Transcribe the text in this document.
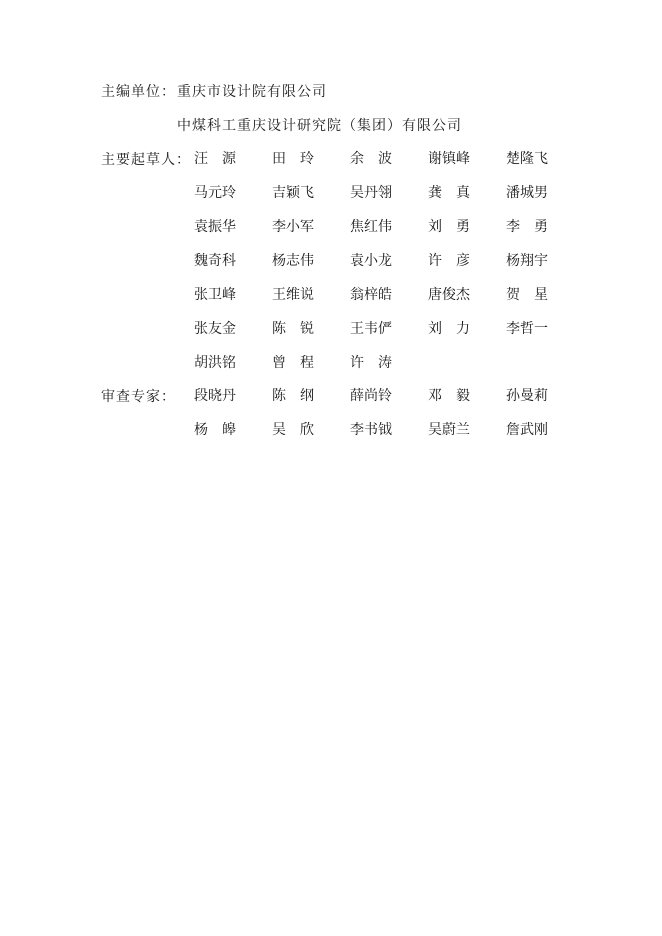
主编单位： 重庆市设计院有限公司
中煤科工重庆设计研究院（集团）有限公司
主要起草人： 汪　源	田　玲	余　波	谢镇峰	楚隆飞
马元玲	吉颖飞	吴丹翎	龚　真	潘城男
袁振华	李小军	焦红伟	刘　勇	李　勇
魏奇科	杨志伟	袁小龙	许　彦	杨翔宇
张卫峰	王维说	翁梓皓	唐俊杰	贺　星
张友金	陈　锐	王韦俨	刘　力	李哲一
胡洪铭	曾　程	许　涛
审查专家： 段晓丹	陈　纲	薛尚铃	邓　毅	孙曼莉
杨　皞	吴　欣	李书钺	吴蔚兰	詹武刚
